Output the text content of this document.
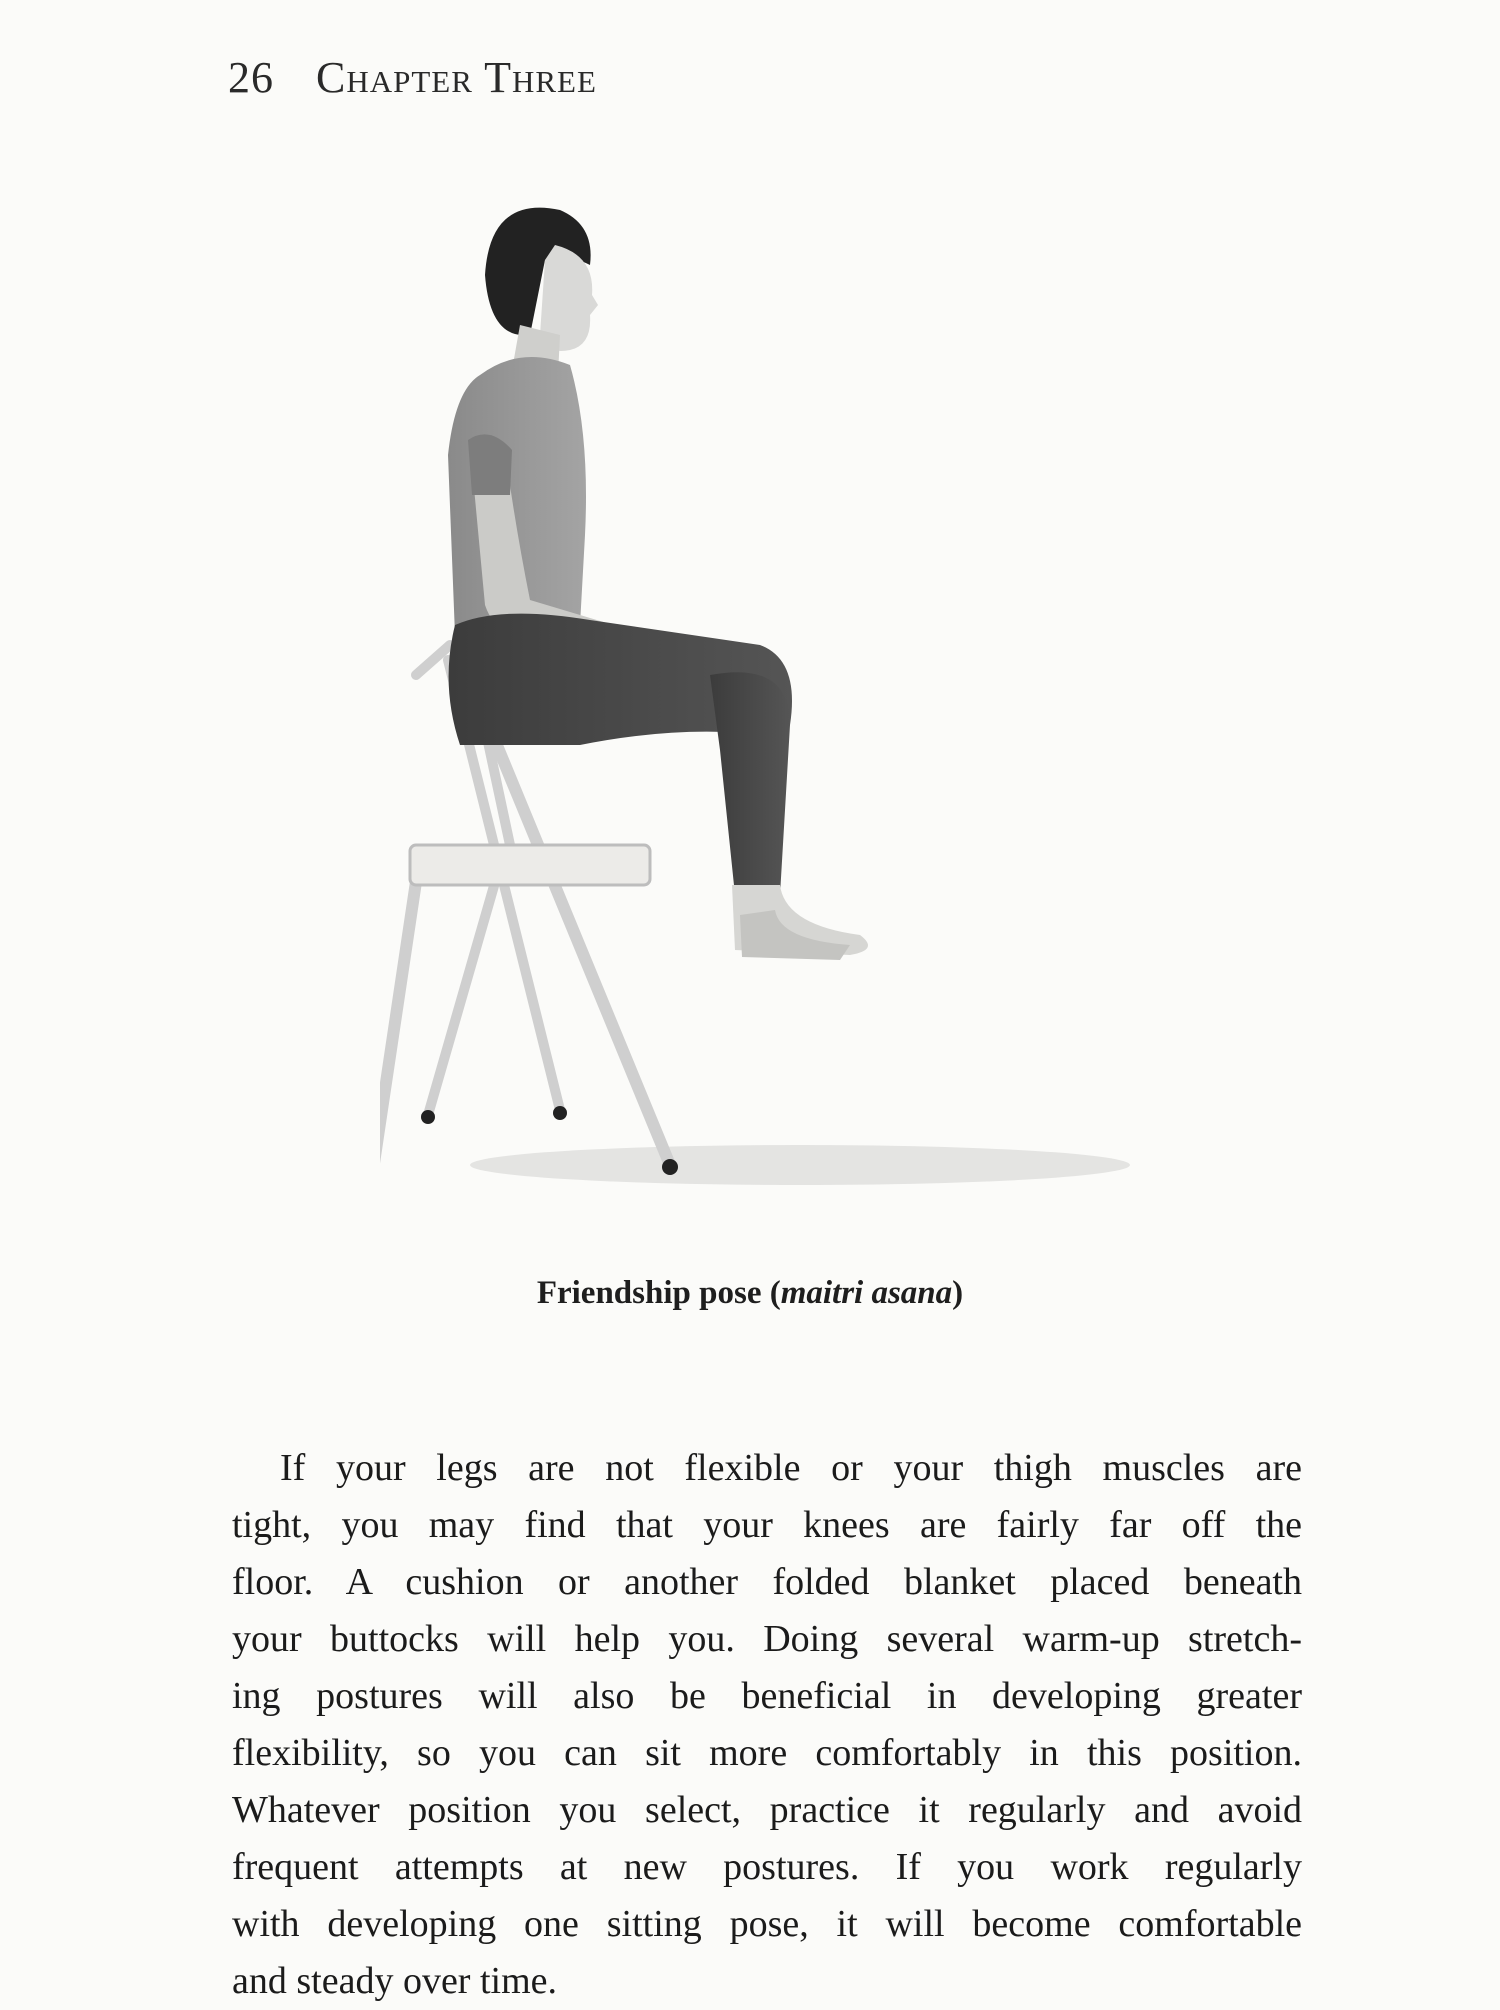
26 Chapter Three
Friendship pose (maitri asana)
If your legs are not flexible or your thigh muscles are
tight, you may find that your knees are fairly far off the
floor. A cushion or another folded blanket placed beneath
your buttocks will help you. Doing several warm-up stretch-
ing postures will also be beneficial in developing greater
flexibility, so you can sit more comfortably in this position.
Whatever position you select, practice it regularly and avoid
frequent attempts at new postures. If you work regularly
with developing one sitting pose, it will become comfortable
and steady over time.
